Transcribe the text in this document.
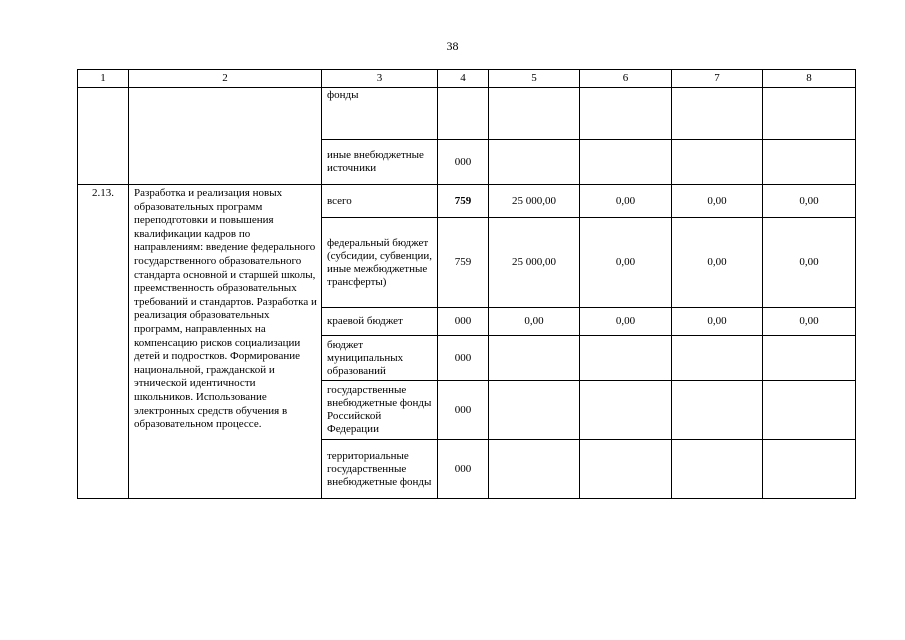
38
1	2	3	4	5	6	7	8
		фонды					
		иные внебюджетные источники	000				
2.13.	Разработка и реализация новых образовательных программ переподготовки и повышения квалификации кадров по направлениям: введение федерального государственного образовательного стандарта основной и старшей школы, преемственность образовательных требований и стандартов. Разработка и реализация образовательных программ, направленных на компенсацию рисков социализации детей и подростков. Формирование национальной, гражданской и этнической идентичности школьников. Использование электронных средств обучения в образовательном процессе.	всего	759	25 000,00	0,00	0,00	0,00
		федеральный бюджет (субсидии, субвенции, иные межбюджетные трансферты)	759	25 000,00	0,00	0,00	0,00
		краевой бюджет	000	0,00	0,00	0,00	0,00
		бюджет муниципальных образований	000				
		государственные внебюджетные фонды Российской Федерации	000				
		территориальные государственные внебюджетные фонды	000				
